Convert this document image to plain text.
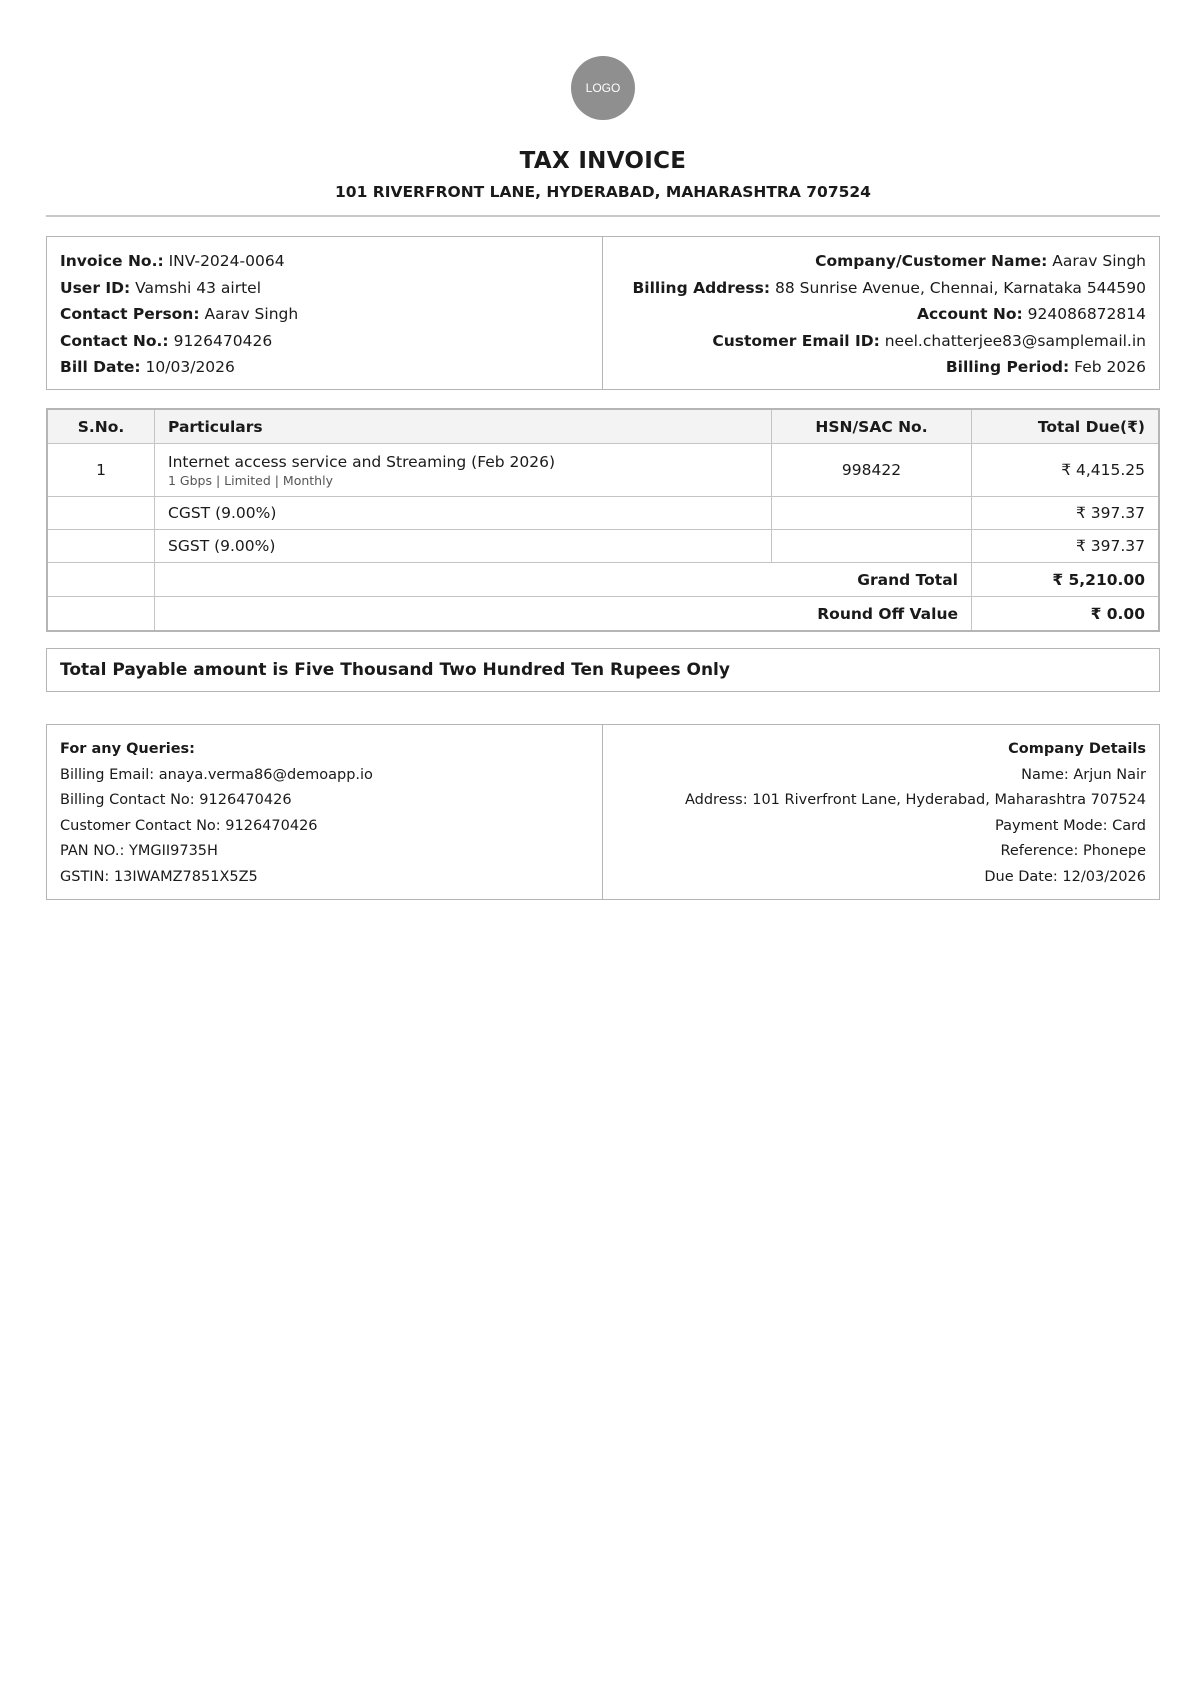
LOGO
TAX INVOICE
101 RIVERFRONT LANE, HYDERABAD, MAHARASHTRA 707524
Invoice No.: INV-2024-0064
User ID: Vamshi 43 airtel
Contact Person: Aarav Singh
Contact No.: 9126470426
Bill Date: 10/03/2026
Company/Customer Name: Aarav Singh
Billing Address: 88 Sunrise Avenue, Chennai, Karnataka 544590
Account No: 924086872814
Customer Email ID: neel.chatterjee83@samplemail.in
Billing Period: Feb 2026
S.No.	Particulars	HSN/SAC No.	Total Due(₹)
1	Internet access service and Streaming (Feb 2026)
1 Gbps | Limited | Monthly	998422	₹ 4,415.25
	CGST (9.00%)		₹ 397.37
	SGST (9.00%)		₹ 397.37
	Grand Total		₹ 5,210.00
	Round Off Value		₹ 0.00
Total Payable amount is Five Thousand Two Hundred Ten Rupees Only
For any Queries:
Billing Email: anaya.verma86@demoapp.io
Billing Contact No: 9126470426
Customer Contact No: 9126470426
PAN NO.: YMGII9735H
GSTIN: 13IWAMZ7851X5Z5
Company Details
Name: Arjun Nair
Address: 101 Riverfront Lane, Hyderabad, Maharashtra 707524
Payment Mode: Card
Reference: Phonepe
Due Date: 12/03/2026
